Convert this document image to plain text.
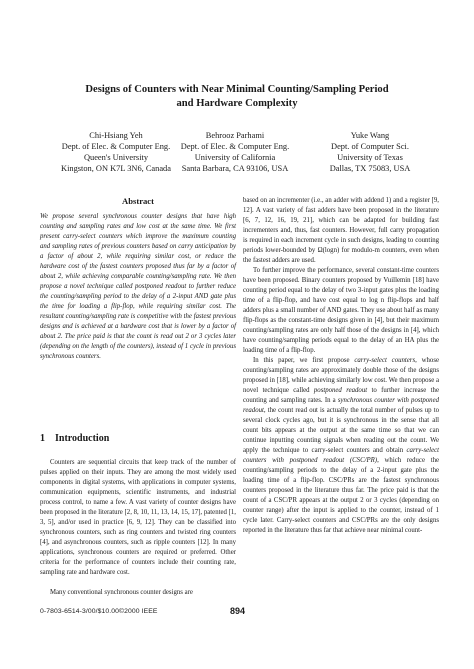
Designs of Counters with Near Minimal Counting/Sampling Period
and Hardware Complexity
Chi-Hsiang Yeh
Dept. of Elec. & Computer Eng.
Queen's University
Kingston, ON K7L 3N6, Canada
Behrooz Parhami
Dept. of Elec. & Computer Eng.
University of California
Santa Barbara, CA 93106, USA
Yuke Wang
Dept. of Computer Sci.
University of Texas
Dallas, TX 75083, USA
Abstract

We propose several synchronous counter designs that have high counting and sampling rates and low cost at the same time. We first present carry-select counters which improve the maximum counting and sampling rates of previous counters based on carry anticipation by a factor of about 2, while requiring similar cost, or reduce the hardware cost of the fastest counters proposed thus far by a factor of about 2, while achieving comparable counting/sampling rate. We then propose a novel technique called postponed readout to further reduce the counting/sampling period to the delay of a 2-input AND gate plus the time for loading a flip-flop, while requiring similar cost. The resultant counting/sampling rate is competitive with the fastest previous designs and is achieved at a hardware cost that is lower by a factor of about 2. The price paid is that the count is read out 2 or 3 cycles later (depending on the length of the counters), instead of 1 cycle in previous synchronous counters.

1 Introduction

Counters are sequential circuits that keep track of the number of pulses applied on their inputs. They are among the most widely used components in digital systems, with applications in computer systems, communication equipments, scientific instruments, and industrial process control, to name a few. A vast variety of counter designs have been proposed in the literature [2, 8, 10, 11, 13, 14, 15, 17], patented [1, 3, 5], and/or used in practice [6, 9, 12]. They can be classified into synchronous counters, such as ring counters and twisted ring counters [4], and asynchronous counters, such as ripple counters [12]. In many applications, synchronous counters are required or preferred. Other criteria for the performance of counters include their counting rate, sampling rate and hardware cost.

Many conventional synchronous counter designs are

based on an incrementer (i.e., an adder with addend 1) and a register [9, 12]. A vast variety of fast adders have been proposed in the literature [6, 7, 12, 16, 19, 21], which can be adapted for building fast incrementers and, thus, fast counters. However, full carry propagation is required in each increment cycle in such designs, leading to counting periods lower-bounded by Ω(logn) for modulo-m counters, even when the fastest adders are used.

To further improve the performance, several constant-time counters have been proposed. Binary counters proposed by Vuillemin [18] have counting period equal to the delay of two 3-input gates plus the loading time of a flip-flop, and have cost equal to log n flip-flops and half adders plus a small number of AND gates. They use about half as many flip-flops as the constant-time designs given in [4], but their maximum counting/sampling rates are only half those of the designs in [4], which have counting/sampling periods equal to the delay of an HA plus the loading time of a flip-flop.

In this paper, we first propose carry-select counters, whose counting/sampling rates are approximately double those of the designs proposed in [18], while achieving similarly low cost. We then propose a novel technique called postponed readout to further increase the counting and sampling rates. In a synchronous counter with postponed readout, the count read out is actually the total number of pulses up to several clock cycles ago, but it is synchronous in the sense that all count bits appears at the output at the same time so that we can continue inputting counting signals when reading out the count. We apply the technique to carry-select counters and obtain carry-select counters with postponed readout (CSC/PR), which reduce the counting/sampling periods to the delay of a 2-input gate plus the loading time of a flip-flop. CSC/PRs are the fastest synchronous counters proposed in the literature thus far. The price paid is that the count of a CSC/PR appears at the output 2 or 3 cycles (depending on counter range) after the input is applied to the counter, instead of 1 cycle later. Carry-select counters and CSC/PRs are the only designs reported in the literature thus far that achieve near minimal count-

0-7803-6514-3/00/$10.00©2000 IEEE	894
